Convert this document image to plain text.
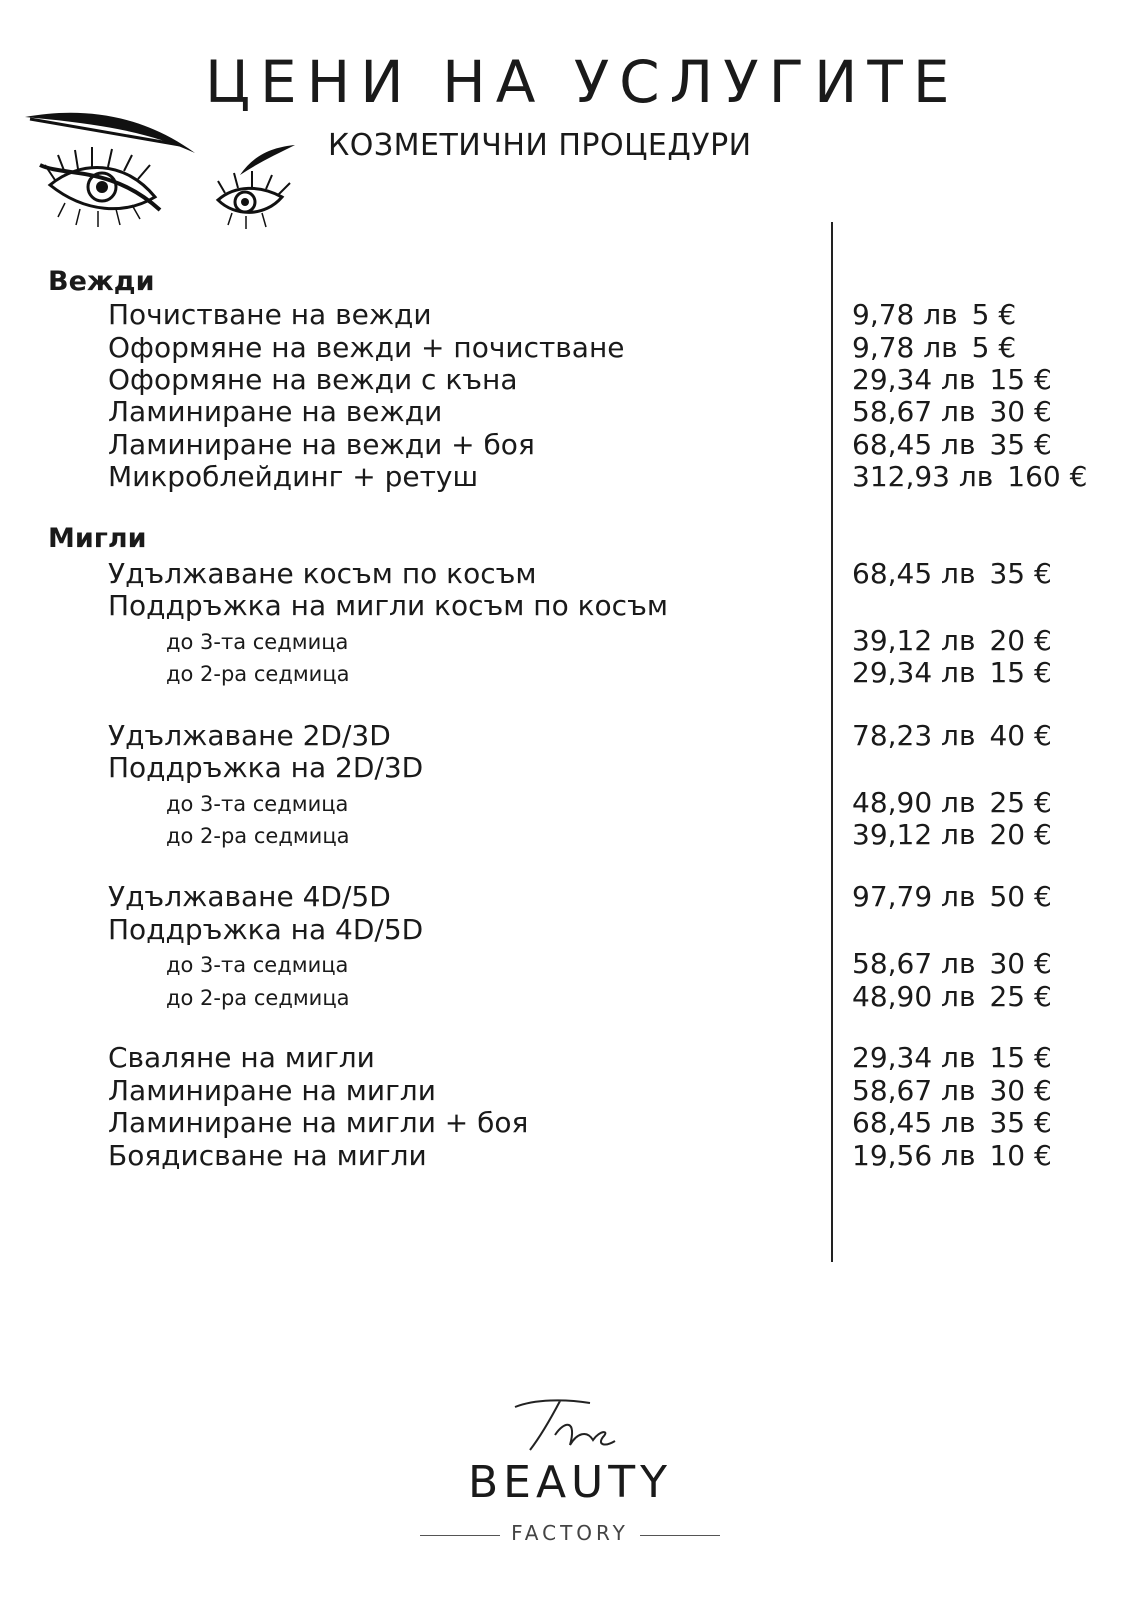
ЦЕНИ НА УСЛУГИТЕ
КОЗМЕТИЧНИ ПРОЦЕДУРИ
Вежди
Почистване на вежди	9,78 лв 5 €
Оформяне на вежди + почистване	9,78 лв 5 €
Оформяне на вежди с къна	29,34 лв 15 €
Ламиниране на вежди	58,67 лв 30 €
Ламиниране на вежди + боя	68,45 лв 35 €
Микроблейдинг + ретуш	312,93 лв 160 €
Мигли
Удължаване косъм по косъм	68,45 лв 35 €
Поддръжка на мигли косъм по косъм
до 3-та седмица	39,12 лв 20 €
до 2-ра седмица	29,34 лв 15 €
Удължаване 2D/3D	78,23 лв 40 €
Поддръжка на 2D/3D
до 3-та седмица	48,90 лв 25 €
до 2-ра седмица	39,12 лв 20 €
Удължаване 4D/5D	97,79 лв 50 €
Поддръжка на 4D/5D
до 3-та седмица	58,67 лв 30 €
до 2-ра седмица	48,90 лв 25 €
Сваляне на мигли	29,34 лв 15 €
Ламиниране на мигли	58,67 лв 30 €
Ламиниране на мигли + боя	68,45 лв 35 €
Боядисване на мигли	19,56 лв 10 €
The
BEAUTY
FACTORY
